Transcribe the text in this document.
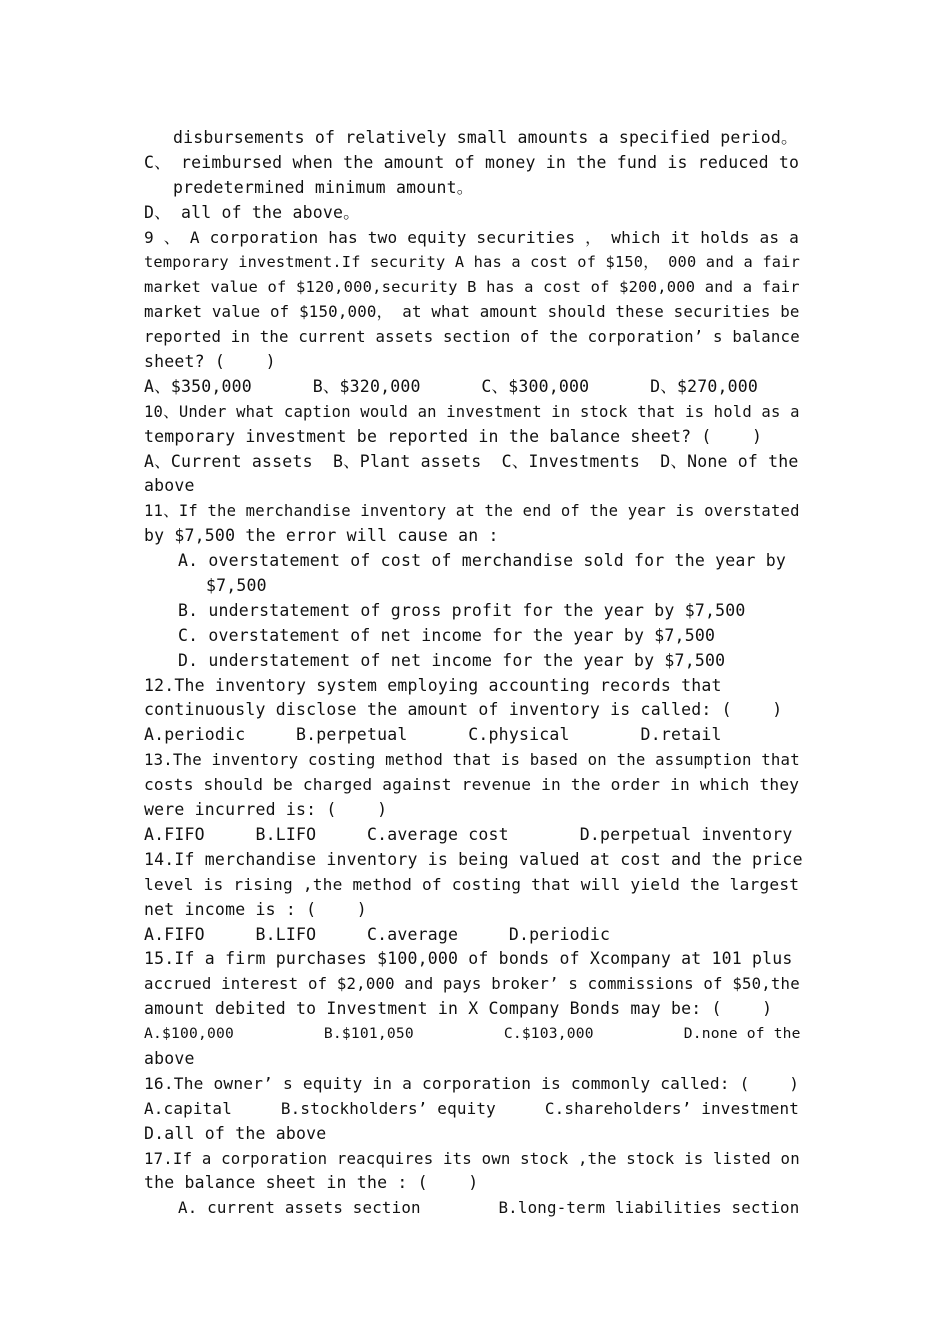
disbursements of relatively small amounts a specified period。
C、 reimbursed when the amount of money in the fund is reduced to
predetermined minimum amount。
D、 all of the above。
9 、 A corporation has two equity securities ， which it holds as a
temporary investment.If security A has a cost of $150， 000 and a fair
market value of $120,000,security B has a cost of $200,000 and a fair
market value of $150,000， at what amount should these securities be
reported in the current assets section of the corporation’ s balance
sheet? (    )
A、$350,000      B、$320,000      C、$300,000      D、$270,000
10、Under what caption would an investment in stock that is hold as a
temporary investment be reported in the balance sheet? (    )
A、Current assets  B、Plant assets  C、Investments  D、None of the
above
11、If the merchandise inventory at the end of the year is overstated
by $7,500 the error will cause an :
A. overstatement of cost of merchandise sold for the year by
$7,500
B. understatement of gross profit for the year by $7,500
C. overstatement of net income for the year by $7,500
D. understatement of net income for the year by $7,500
12.The inventory system employing accounting records that
continuously disclose the amount of inventory is called: (    )
A.periodic     B.perpetual      C.physical       D.retail
13.The inventory costing method that is based on the assumption that
costs should be charged against revenue in the order in which they
were incurred is: (    )
A.FIFO     B.LIFO     C.average cost       D.perpetual inventory
14.If merchandise inventory is being valued at cost and the price
level is rising ,the method of costing that will yield the largest
net income is : (    )
A.FIFO     B.LIFO     C.average     D.periodic
15.If a firm purchases $100,000 of bonds of Xcompany at 101 plus
accrued interest of $2,000 and pays broker’ s commissions of $50,the
amount debited to Investment in X Company Bonds may be: (    )
A.$100,000          B.$101,050          C.$103,000          D.none of the
above
16.The owner’ s equity in a corporation is commonly called: (    )
A.capital     B.stockholders’ equity     C.shareholders’ investment
D.all of the above
17.If a corporation reacquires its own stock ,the stock is listed on
the balance sheet in the : (    )
A. current assets section        B.long-term liabilities section
